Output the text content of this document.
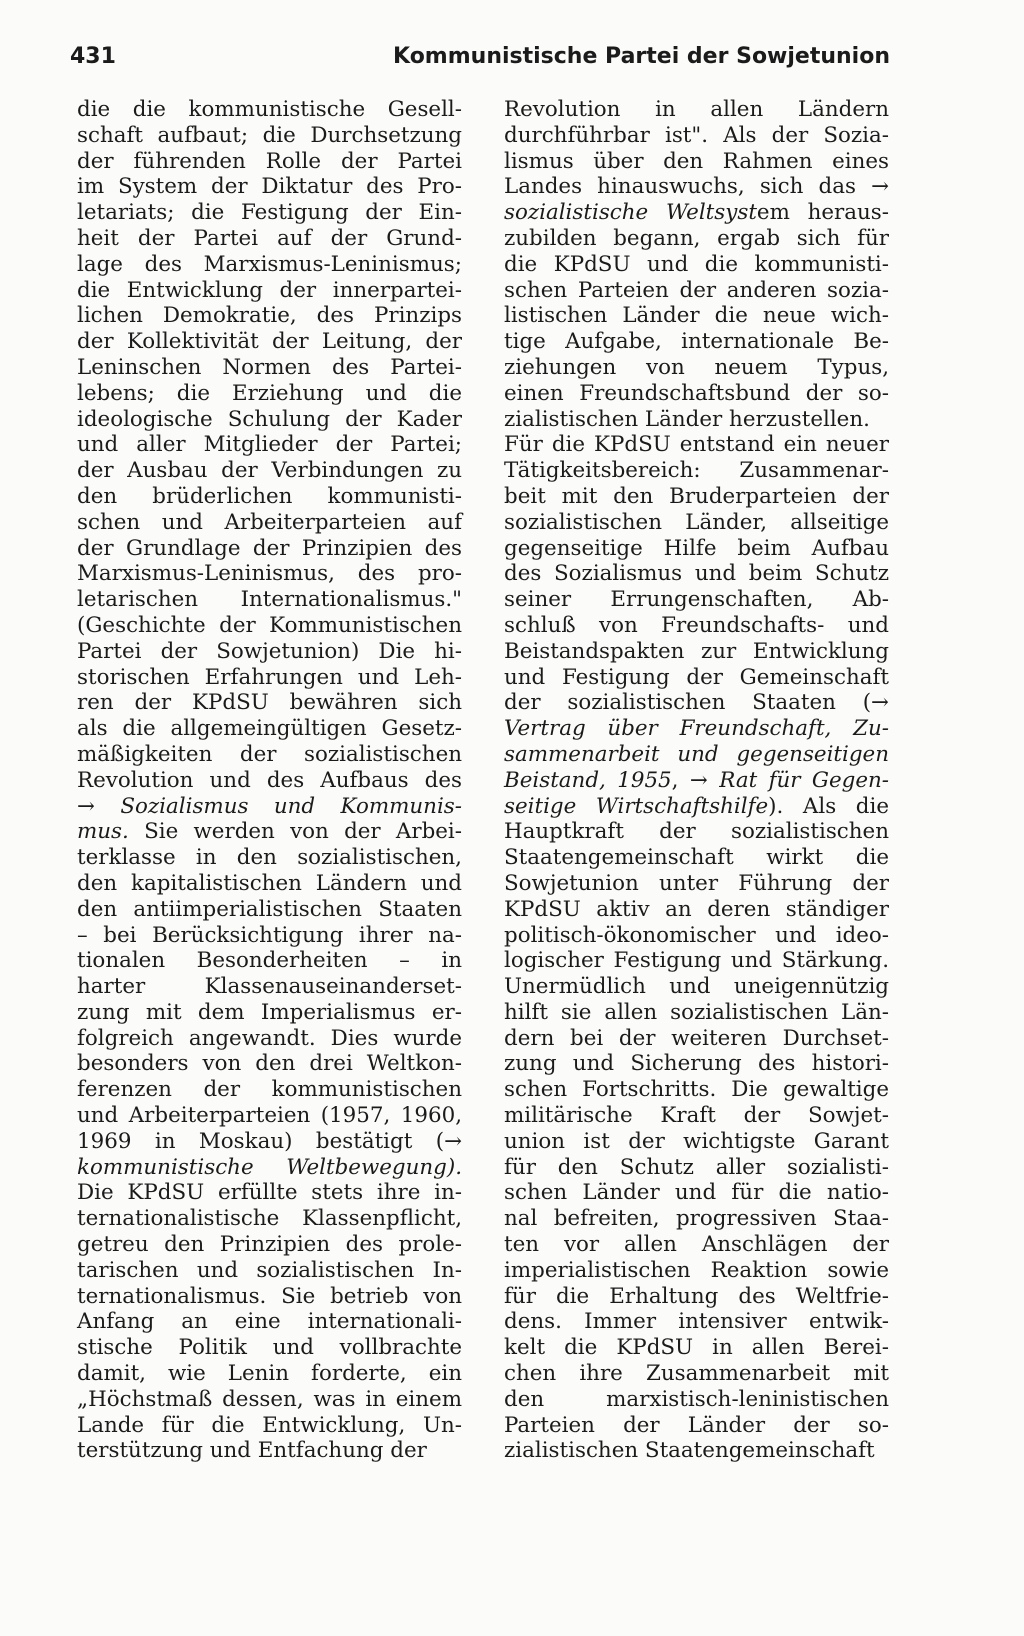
431	Kommunistische Partei der Sowjetunion
die die kommunistische Gesell-
schaft aufbaut; die Durchsetzung
der führenden Rolle der Partei
im System der Diktatur des Pro-
letariats; die Festigung der Ein-
heit der Partei auf der Grund-
lage des Marxismus-Leninismus;
die Entwicklung der innerpartei-
lichen Demokratie, des Prinzips
der Kollektivität der Leitung, der
Leninschen Normen des Partei-
lebens; die Erziehung und die
ideologische Schulung der Kader
und aller Mitglieder der Partei;
der Ausbau der Verbindungen zu
den brüderlichen kommunisti-
schen und Arbeiterparteien auf
der Grundlage der Prinzipien des
Marxismus-Leninismus, des pro-
letarischen Internationalismus."
(Geschichte der Kommunistischen
Partei der Sowjetunion) Die hi-
storischen Erfahrungen und Leh-
ren der KPdSU bewähren sich
als die allgemeingültigen Gesetz-
mäßigkeiten der sozialistischen
Revolution und des Aufbaus des
→ Sozialismus und Kommunis-
mus. Sie werden von der Arbei-
terklasse in den sozialistischen,
den kapitalistischen Ländern und
den antiimperialistischen Staaten
– bei Berücksichtigung ihrer na-
tionalen Besonderheiten – in
harter Klassenauseinanderset-
zung mit dem Imperialismus er-
folgreich angewandt. Dies wurde
besonders von den drei Weltkon-
ferenzen der kommunistischen
und Arbeiterparteien (1957, 1960,
1969 in Moskau) bestätigt (→
kommunistische Weltbewegung).
Die KPdSU erfüllte stets ihre in-
ternationalistische Klassenpflicht,
getreu den Prinzipien des prole-
tarischen und sozialistischen In-
ternationalismus. Sie betrieb von
Anfang an eine internationali-
stische Politik und vollbrachte
damit, wie Lenin forderte, ein
„Höchstmaß dessen, was in einem
Lande für die Entwicklung, Un-
terstützung und Entfachung der
Revolution in allen Ländern
durchführbar ist". Als der Sozia-
lismus über den Rahmen eines
Landes hinauswuchs, sich das →
sozialistische Weltsystem heraus-
zubilden begann, ergab sich für
die KPdSU und die kommunisti-
schen Parteien der anderen sozia-
listischen Länder die neue wich-
tige Aufgabe, internationale Be-
ziehungen von neuem Typus,
einen Freundschaftsbund der so-
zialistischen Länder herzustellen.
Für die KPdSU entstand ein neuer
Tätigkeitsbereich: Zusammenar-
beit mit den Bruderparteien der
sozialistischen Länder, allseitige
gegenseitige Hilfe beim Aufbau
des Sozialismus und beim Schutz
seiner Errungenschaften, Ab-
schluß von Freundschafts- und
Beistandspakten zur Entwicklung
und Festigung der Gemeinschaft
der sozialistischen Staaten (→
Vertrag über Freundschaft, Zu-
sammenarbeit und gegenseitigen
Beistand, 1955, → Rat für Gegen-
seitige Wirtschaftshilfe). Als die
Hauptkraft der sozialistischen
Staatengemeinschaft wirkt die
Sowjetunion unter Führung der
KPdSU aktiv an deren ständiger
politisch-ökonomischer und ideo-
logischer Festigung und Stärkung.
Unermüdlich und uneigennützig
hilft sie allen sozialistischen Län-
dern bei der weiteren Durchset-
zung und Sicherung des histori-
schen Fortschritts. Die gewaltige
militärische Kraft der Sowjet-
union ist der wichtigste Garant
für den Schutz aller sozialisti-
schen Länder und für die natio-
nal befreiten, progressiven Staa-
ten vor allen Anschlägen der
imperialistischen Reaktion sowie
für die Erhaltung des Weltfrie-
dens. Immer intensiver entwik-
kelt die KPdSU in allen Berei-
chen ihre Zusammenarbeit mit
den marxistisch-leninistischen
Parteien der Länder der so-
zialistischen Staatengemeinschaft
